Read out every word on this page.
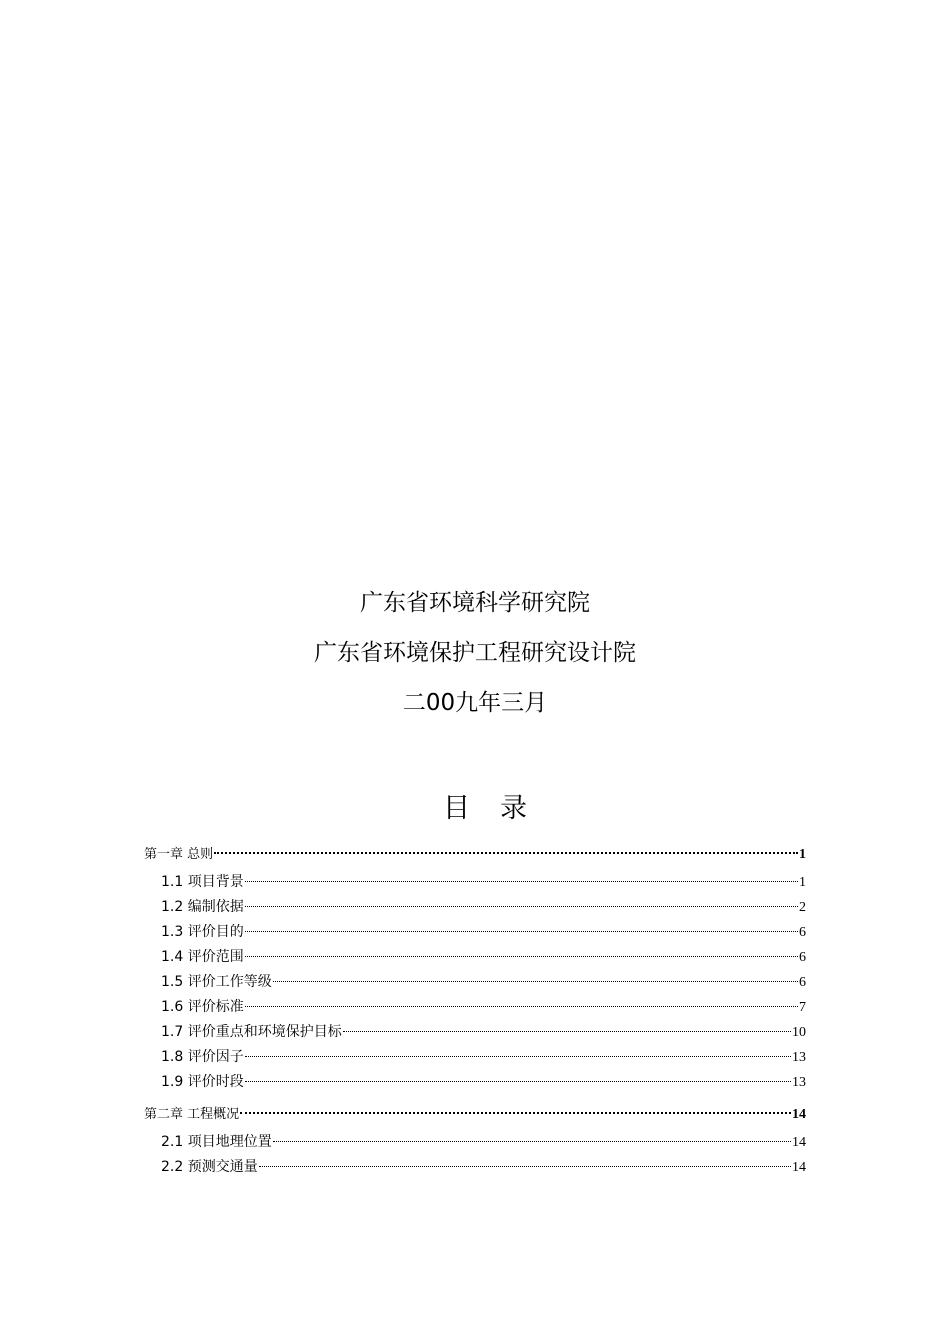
广东省环境科学研究院
广东省环境保护工程研究设计院
二00九年三月
目录
第一章 总则	1
1.1 项目背景	1
1.2 编制依据	2
1.3 评价目的	6
1.4 评价范围	6
1.5 评价工作等级	6
1.6 评价标准	7
1.7 评价重点和环境保护目标	10
1.8 评价因子	13
1.9 评价时段	13
第二章 工程概况	14
2.1 项目地理位置	14
2.2 预测交通量	14
